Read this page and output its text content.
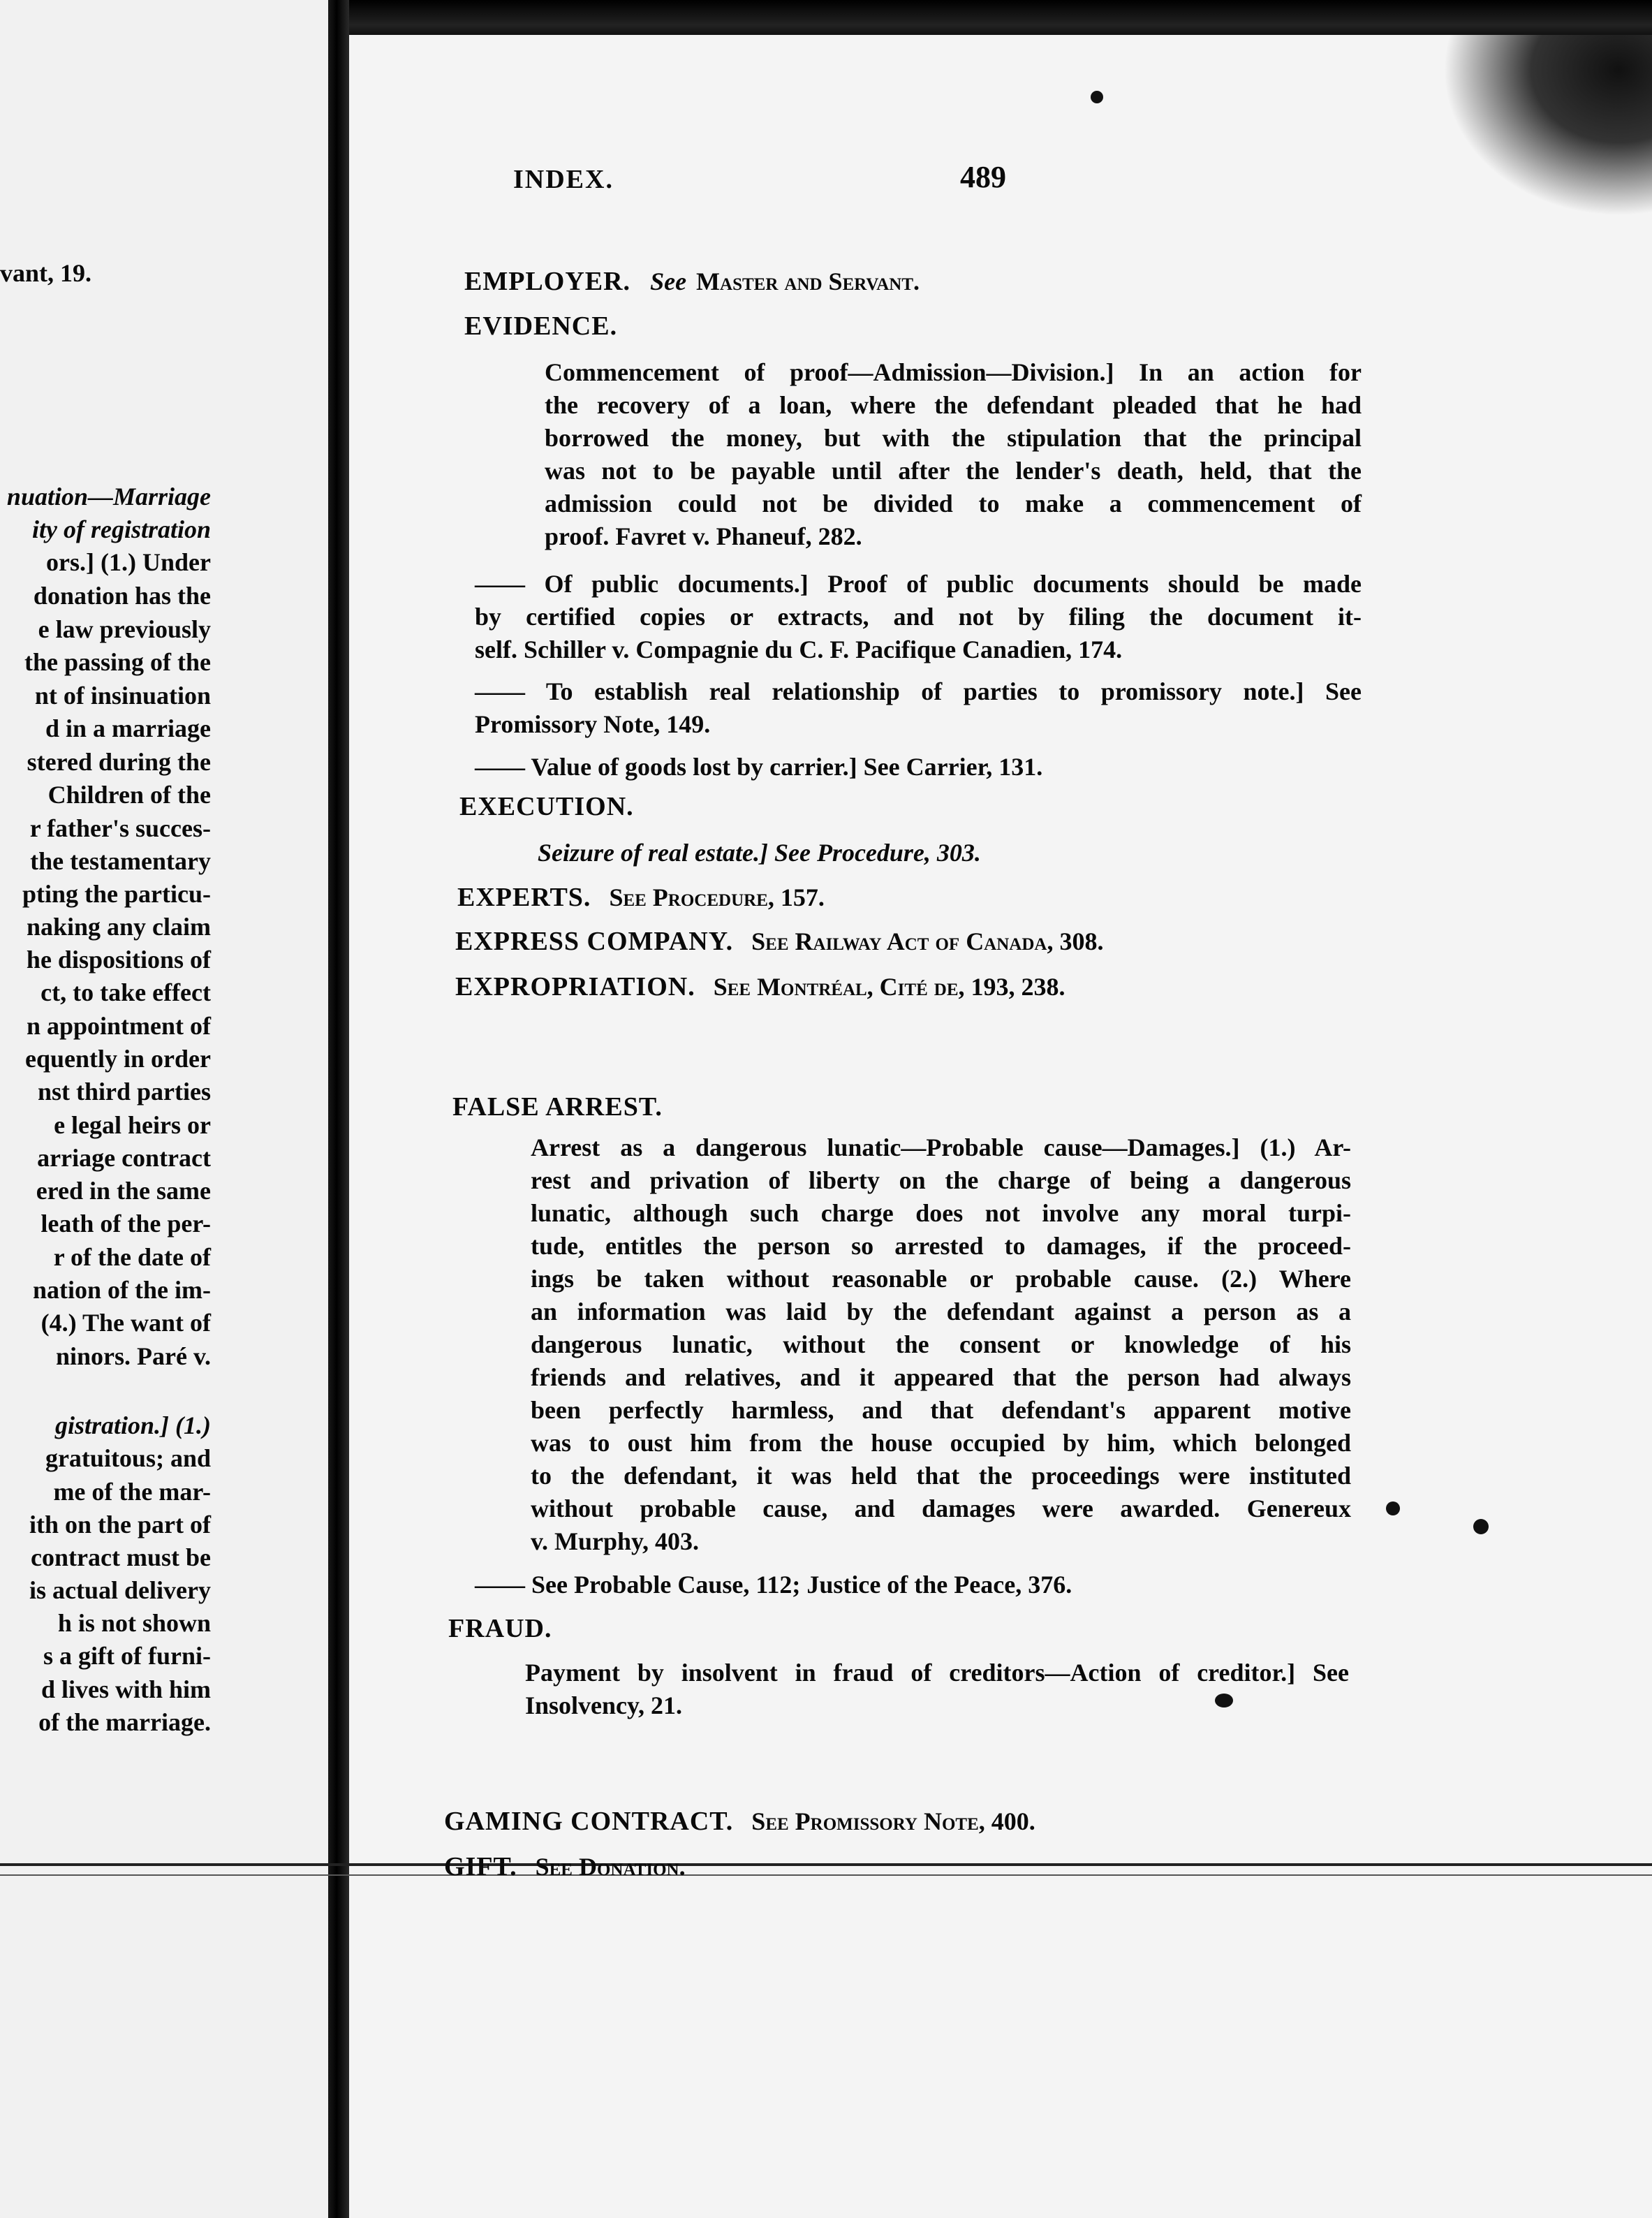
vant, 19.
nuation—Marriage
ity of registration
ors.] (1.) Under
donation has the
e law previously
the passing of the
nt of insinuation
d in a marriage
stered during the
Children of the
r father's succes-
the testamentary
pting the particu-
naking any claim
he dispositions of
ct, to take effect
n appointment of
equently in order
nst third parties
e legal heirs or
arriage contract
ered in the same
leath of the per-
r of the date of
nation of the im-
(4.) The want of
ninors. Paré v.
gistration.] (1.)
gratuitous; and
me of the mar-
ith on the part of
contract must be
is actual delivery
h is not shown
s a gift of furni-
d lives with him
of the marriage.
INDEX.	489
EMPLOYER. See Master and Servant.
EVIDENCE.

Commencement of proof—Admission—Division.] In an action for

the recovery of a loan, where the defendant pleaded that he had

borrowed the money, but with the stipulation that the principal

was not to be payable until after the lender's death, held, that the

admission could not be divided to make a commencement of

proof. Favret v. Phaneuf, 282.

—— Of public documents.] Proof of public documents should be made

by certified copies or extracts, and not by filing the document it-

self. Schiller v. Compagnie du C. F. Pacifique Canadien, 174.

—— To establish real relationship of parties to promissory note.] See

Promissory Note, 149.

—— Value of goods lost by carrier.] See Carrier, 131.
EXECUTION.
Seizure of real estate.] See Procedure, 303.
EXPERTS. See Procedure, 157.
EXPRESS COMPANY. See Railway Act of Canada, 308.
EXPROPRIATION. See Montréal, Cité de, 193, 238.
FALSE ARREST.

Arrest as a dangerous lunatic—Probable cause—Damages.] (1.) Ar-

rest and privation of liberty on the charge of being a dangerous

lunatic, although such charge does not involve any moral turpi-

tude, entitles the person so arrested to damages, if the proceed-

ings be taken without reasonable or probable cause. (2.) Where

an information was laid by the defendant against a person as a

dangerous lunatic, without the consent or knowledge of his

friends and relatives, and it appeared that the person had always

been perfectly harmless, and that defendant's apparent motive

was to oust him from the house occupied by him, which belonged

to the defendant, it was held that the proceedings were instituted

without probable cause, and damages were awarded. Genereux

v. Murphy, 403.

—— See Probable Cause, 112; Justice of the Peace, 376.
FRAUD.

Payment by insolvent in fraud of creditors—Action of creditor.] See

Insolvency, 21.

GAMING CONTRACT. See Promissory Note, 400.
GIFT. See Donation.
